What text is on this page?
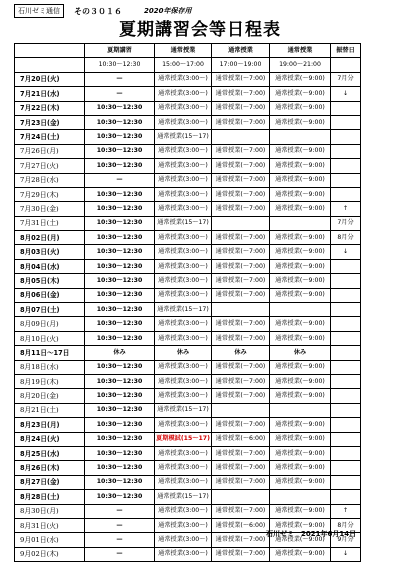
石川ゼミ通信	その３０１６	2020年保存用
夏期講習会等日程表
	夏期講習	通常授業	通常授業	通常授業	振替日
	10:30～12:30	15:00～17:00	17:00～19:00	19:00～21:00	
7月20日(火)	—	通常授業(3:00～)	通常授業(～7:00)	通常授業(～9:00)	7月分
7月21日(水)	—	通常授業(3:00～)	通常授業(～7:00)	通常授業(～9:00)	↓
7月22日(木)	10:30～12:30	通常授業(3:00～)	通常授業(～7:00)	通常授業(～9:00)	
7月23日(金)	10:30～12:30	通常授業(3:00～)	通常授業(～7:00)	通常授業(～9:00)	
7月24日(土)	10:30～12:30	通常授業(15～17)			
7月26日(月)	10:30～12:30	通常授業(3:00～)	通常授業(～7:00)	通常授業(～9:00)	
7月27日(火)	10:30～12:30	通常授業(3:00～)	通常授業(～7:00)	通常授業(～9:00)	
7月28日(水)	—	通常授業(3:00～)	通常授業(～7:00)	通常授業(～9:00)	
7月29日(木)	10:30～12:30	通常授業(3:00～)	通常授業(～7:00)	通常授業(～9:00)	
7月30日(金)	10:30～12:30	通常授業(3:00～)	通常授業(～7:00)	通常授業(～9:00)	↑
7月31日(土)	10:30～12:30	通常授業(15～17)			7月分
8月02日(月)	10:30～12:30	通常授業(3:00～)	通常授業(～7:00)	通常授業(～9:00)	8月分
8月03日(火)	10:30～12:30	通常授業(3:00～)	通常授業(～7:00)	通常授業(～9:00)	↓
8月04日(水)	10:30～12:30	通常授業(3:00～)	通常授業(～7:00)	通常授業(～9:00)	
8月05日(木)	10:30～12:30	通常授業(3:00～)	通常授業(～7:00)	通常授業(～9:00)	
8月06日(金)	10:30～12:30	通常授業(3:00～)	通常授業(～7:00)	通常授業(～9:00)	
8月07日(土)	10:30～12:30	通常授業(15～17)			
8月09日(月)	10:30～12:30	通常授業(3:00～)	通常授業(～7:00)	通常授業(～9:00)	
8月10日(火)	10:30～12:30	通常授業(3:00～)	通常授業(～7:00)	通常授業(～9:00)	
8月11日～17日	休み	休み	休み	休み	
8月18日(水)	10:30～12:30	通常授業(3:00～)	通常授業(～7:00)	通常授業(～9:00)	
8月19日(木)	10:30～12:30	通常授業(3:00～)	通常授業(～7:00)	通常授業(～9:00)	
8月20日(金)	10:30～12:30	通常授業(3:00～)	通常授業(～7:00)	通常授業(～9:00)	
8月21日(土)	10:30～12:30	通常授業(15～17)			
8月23日(月)	10:30～12:30	通常授業(3:00～)	通常授業(～7:00)	通常授業(～9:00)	
8月24日(火)	10:30～12:30	夏期模試(15～17)	通常授業(～6:00)	通常授業(～9:00)	
8月25日(水)	10:30～12:30	通常授業(3:00～)	通常授業(～7:00)	通常授業(～9:00)	
8月26日(木)	10:30～12:30	通常授業(3:00～)	通常授業(～7:00)	通常授業(～9:00)	
8月27日(金)	10:30～12:30	通常授業(3:00～)	通常授業(～7:00)	通常授業(～9:00)	
8月28日(土)	10:30～12:30	通常授業(15～17)			
8月30日(月)	—	通常授業(3:00～)	通常授業(～7:00)	通常授業(～9:00)	↑
8月31日(火)	—	通常授業(3:00～)	通常授業(～6:00)	通常授業(～9:00)	8月分
9月01日(水)	—	通常授業(3:00～)	通常授業(～7:00)	通常授業(～9:00)	9月分
9月02日(木)	—	通常授業(3:00～)	通常授業(～7:00)	通常授業(～9:00)	↓
石川ゼミ　2021年6月14日
